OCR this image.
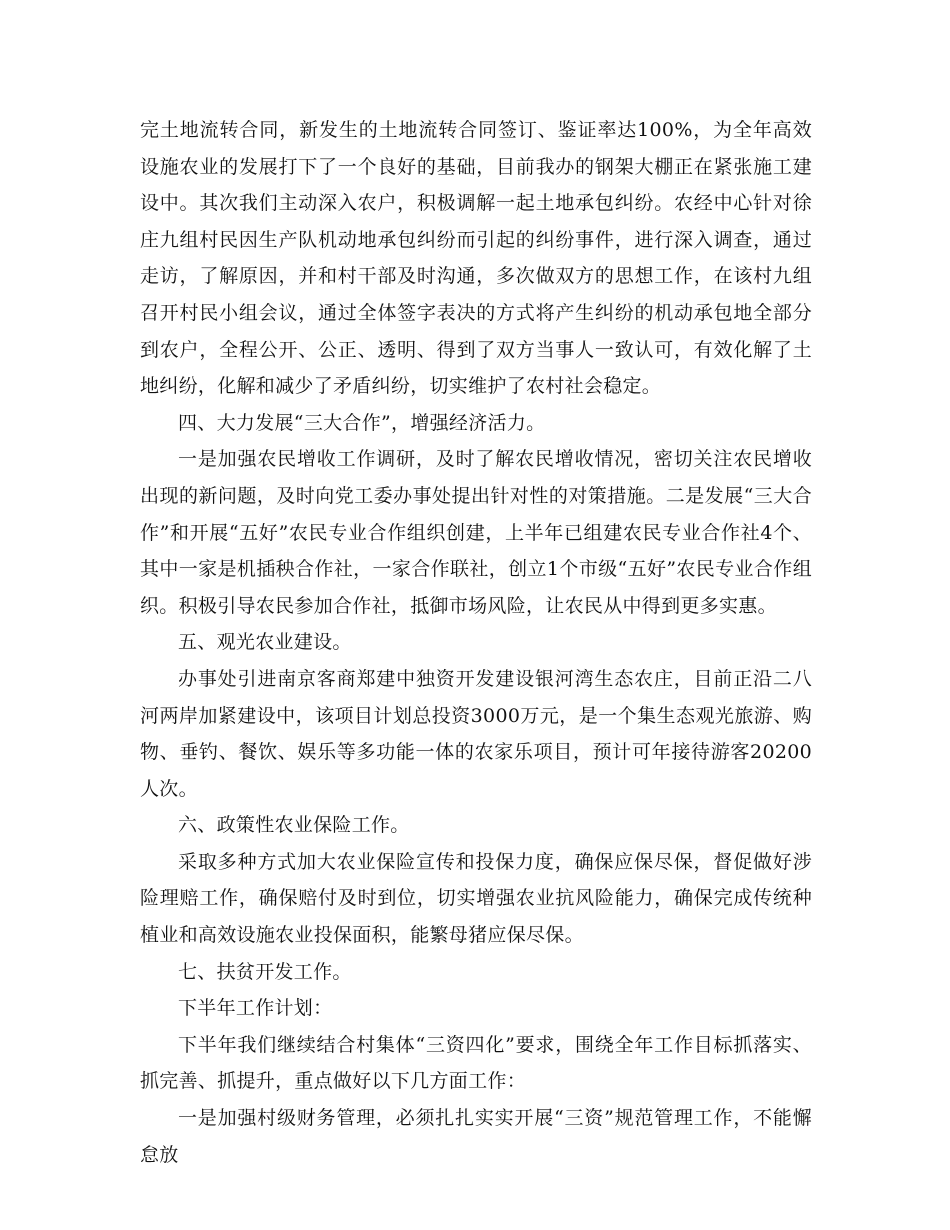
完土地流转合同，新发生的土地流转合同签订、鉴证率达100%，为全年高效设施农业的发展打下了一个良好的基础，目前我办的钢架大棚正在紧张施工建设中。其次我们主动深入农户，积极调解一起土地承包纠纷。农经中心针对徐庄九组村民因生产队机动地承包纠纷而引起的纠纷事件，进行深入调查，通过走访，了解原因，并和村干部及时沟通，多次做双方的思想工作，在该村九组召开村民小组会议，通过全体签字表决的方式将产生纠纷的机动承包地全部分到农户，全程公开、公正、透明、得到了双方当事人一致认可，有效化解了土地纠纷，化解和减少了矛盾纠纷，切实维护了农村社会稳定。

四、大力发展“三大合作”，增强经济活力。

一是加强农民增收工作调研，及时了解农民增收情况，密切关注农民增收出现的新问题，及时向党工委办事处提出针对性的对策措施。二是发展“三大合作”和开展“五好”农民专业合作组织创建，上半年已组建农民专业合作社4个、其中一家是机插秧合作社，一家合作联社，创立1个市级“五好”农民专业合作组织。积极引导农民参加合作社，抵御市场风险，让农民从中得到更多实惠。

五、观光农业建设。

办事处引进南京客商郑建中独资开发建设银河湾生态农庄，目前正沿二八河两岸加紧建设中，该项目计划总投资3000万元，是一个集生态观光旅游、购物、垂钓、餐饮、娱乐等多功能一体的农家乐项目，预计可年接待游客20200人次。

六、政策性农业保险工作。

采取多种方式加大农业保险宣传和投保力度，确保应保尽保，督促做好涉险理赔工作，确保赔付及时到位，切实增强农业抗风险能力，确保完成传统种植业和高效设施农业投保面积，能繁母猪应保尽保。

七、扶贫开发工作。

下半年工作计划：

下半年我们继续结合村集体“三资四化”要求，围绕全年工作目标抓落实、抓完善、抓提升，重点做好以下几方面工作：

一是加强村级财务管理，必须扎扎实实开展“三资”规范管理工作，不能懈怠放
